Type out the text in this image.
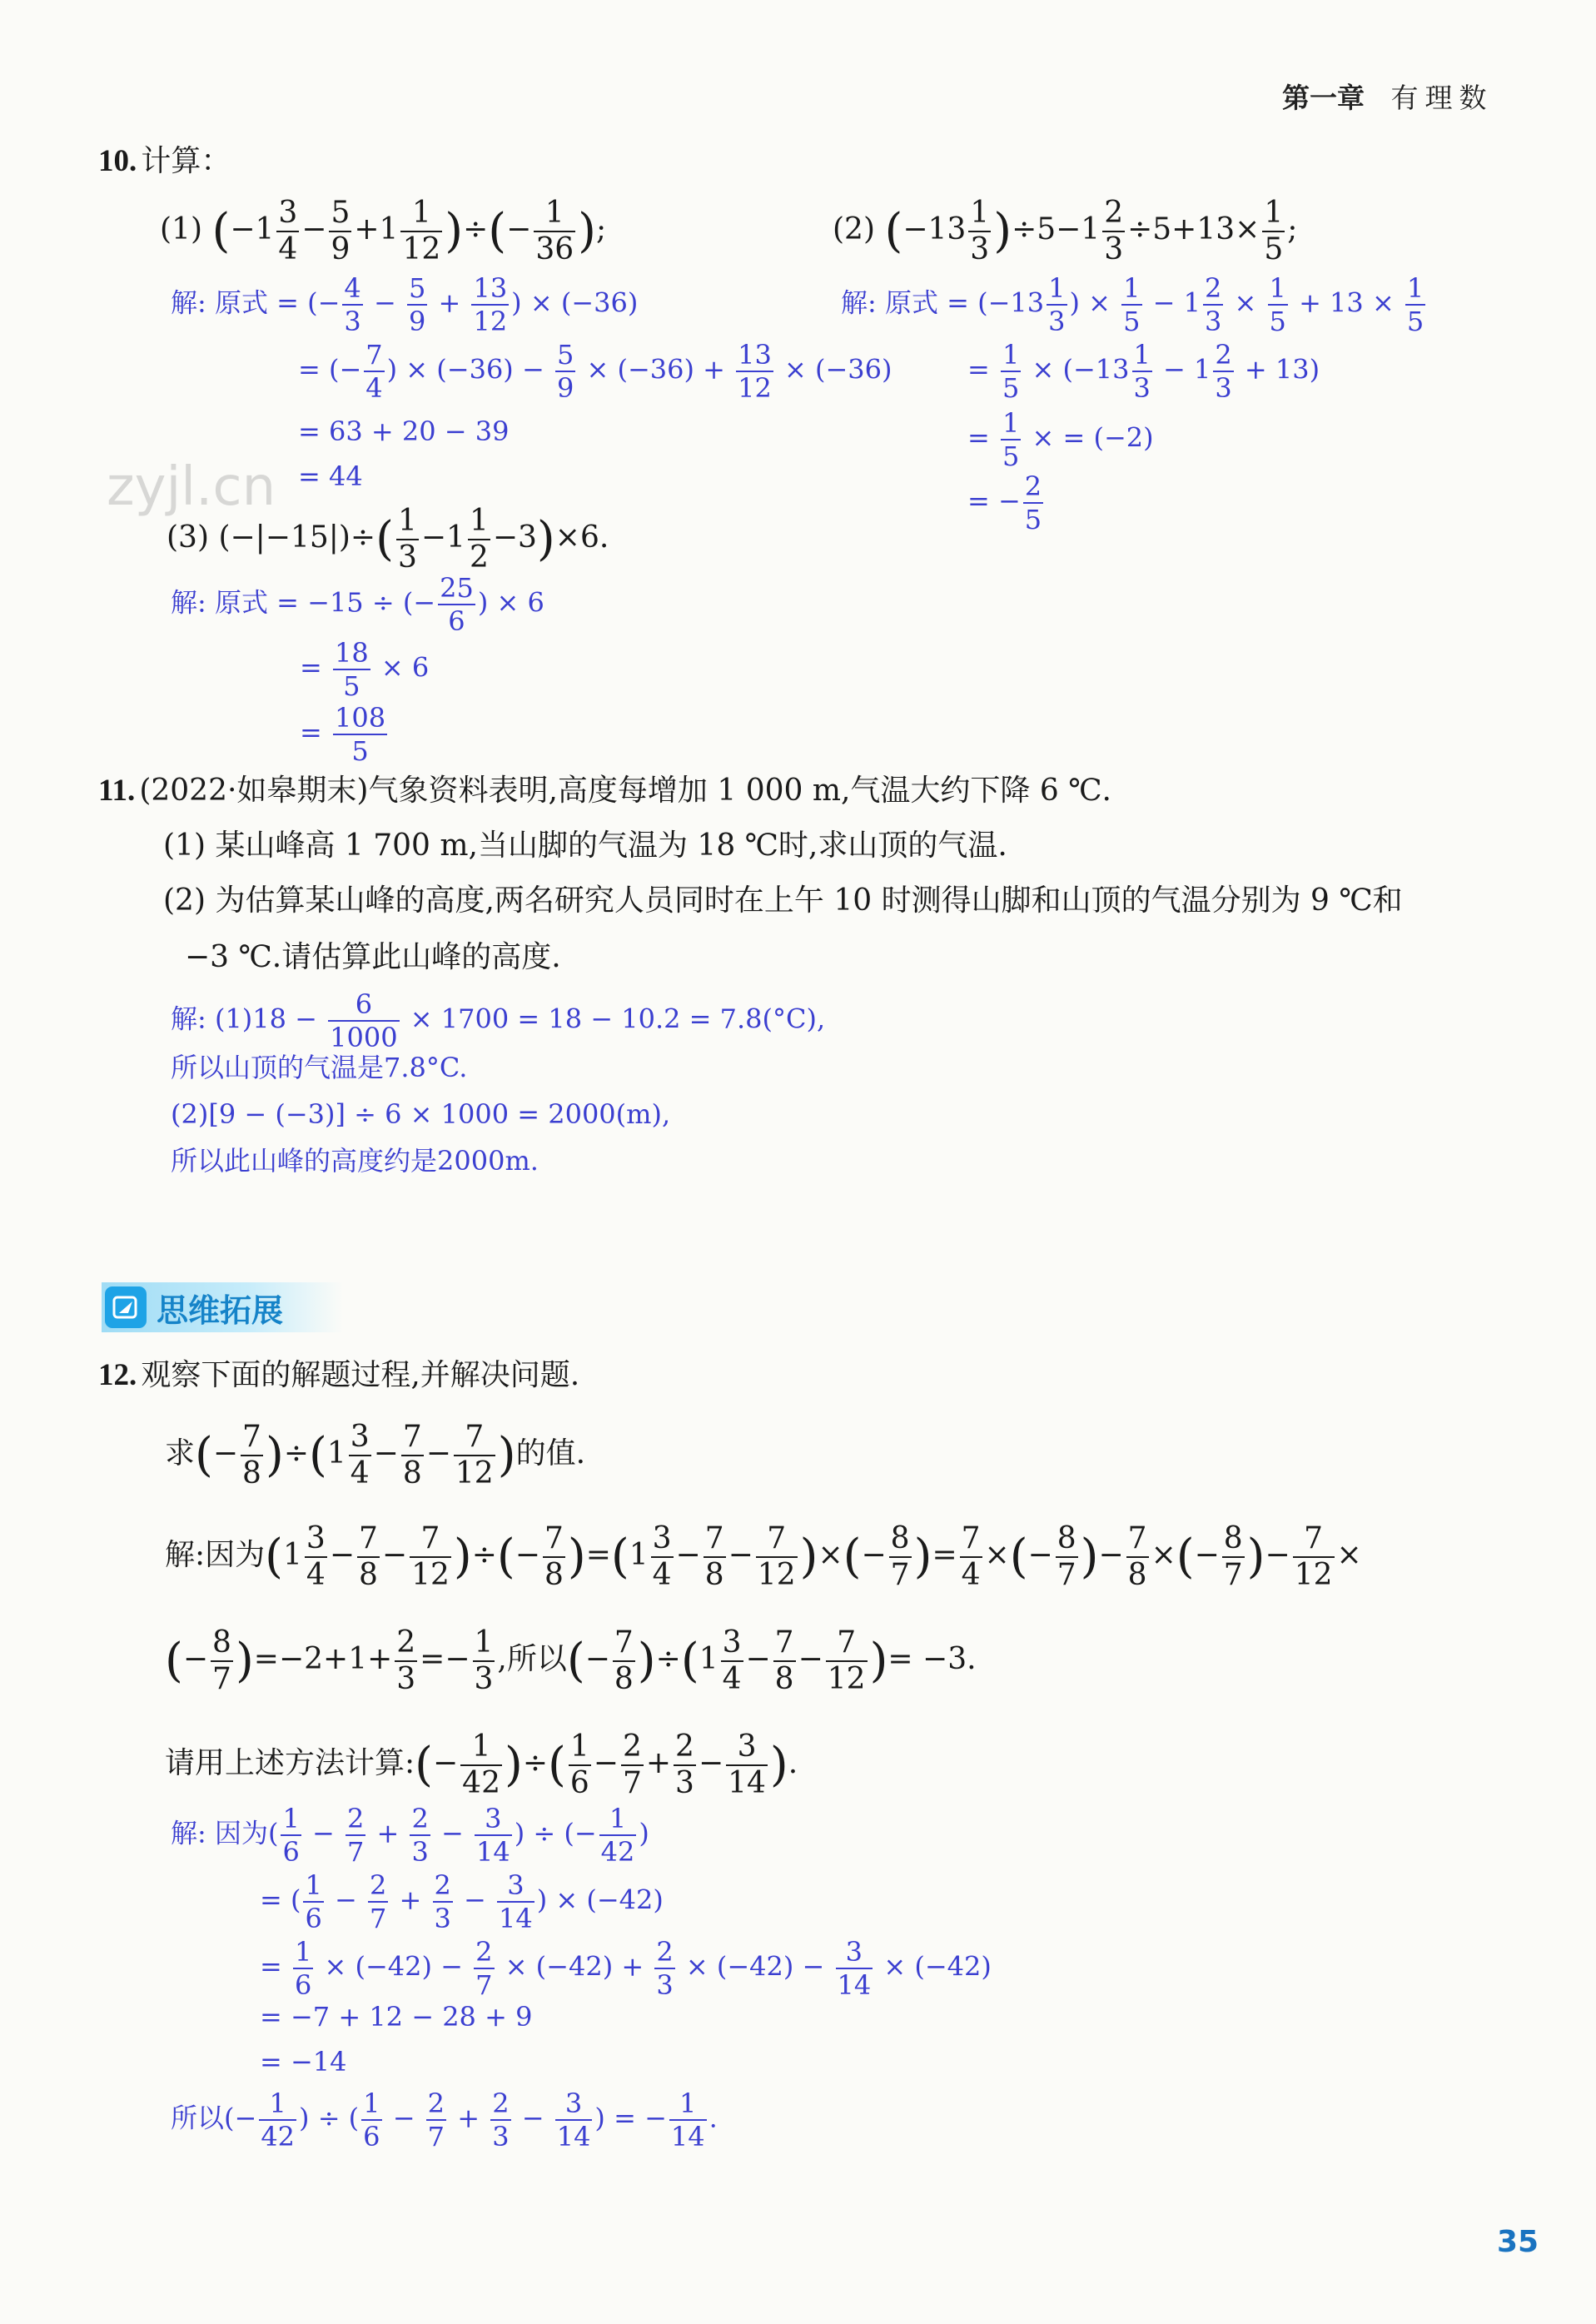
第一章 有理数
10. 计算：
(1) ($-1 \frac{3}{4} - \frac{5}{9} +1 \frac{1}{12}$ )÷(− $\frac{1}{36}$ );	(2) $(-13 \frac{1}{3} )\div 5-1 \frac{2}{3} \div 5+13\times \frac{1}{5}$ ;
解: 原式 = (− $\frac{4}{3} - \frac{5}{9} + \frac{13}{12}$ ) × (−36)
= (− $\frac{7}{4}$ ) × $(-36) - \frac{5}{9} \times (-36) + \frac{13}{12} \times (-36)$
= 63 + 20 − 39
= 44
解: 原式 = ($-13 \frac{1}{3}$ ) × $\frac{1}{5} - 1 \frac{2}{3} \times \frac{1}{5} + 13 \times \frac{1}{5}$
= $\frac{1}{5} \times (-13 \frac{1}{3} - 1 \frac{2}{3} + 13)$
= $\frac{1}{5}$ × = (−2)
= − $\frac{2}{5}$
zyjl.cn
(3) $(-|-15|)\div( \frac{1}{3} -1 \frac{1}{2} -3)\times 6$.
解: 原式 = −15 ÷ (− $\frac{25}{6}$ ) × 6
= $\frac{18}{5} \times 6$
= $\frac{108}{5}$
11. (2022·如皋期末)气象资料表明,高度每增加 1 000 m,气温大约下降 6 ℃.
(1) 某山峰高 1 700 m,当山脚的气温为 18 ℃时,求山顶的气温.
(2) 为估算某山峰的高度,两名研究人员同时在上午 10 时测得山脚和山顶的气温分别为 9 ℃和
−3 ℃.请估算此山峰的高度.
解: $(1)18 - \frac{6}{1000} \times 1700 = 18 - 10.2 = 7.8(^\circ C)$,
所以山顶的气温是7.8°C.
(2)[9 − (−3)] ÷ 6 × 1000 = 2000(m),
所以此山峰的高度约是2000m.
思维拓展
12. 观察下面的解题过程,并解决问题.
求(− $\frac{7}{8} )\div(1 \frac{3}{4} - \frac{7}{8} - \frac{7}{12}$ )的值.
解:因为($1 \frac{3}{4} - \frac{7}{8} - \frac{7}{12}$ )÷(− $\frac{7}{8} )=(1 \frac{3}{4} - \frac{7}{8} - \frac{7}{12}$ )×(− $\frac{8}{7}$ )= $\frac{7}{4}$ ×(− $\frac{8}{7}$ )− $\frac{7}{8}$ ×(− $\frac{8}{7}$ )− $\frac{7}{12}$ ×
(− $\frac{8}{7} )=-2+1+ \frac{2}{3} =- \frac{1}{3}$ ,所以(− $\frac{7}{8} )\div(1 \frac{3}{4} - \frac{7}{8} - \frac{7}{12}$ )= −3.
请用上述方法计算:(− $\frac{1}{42}$ )÷( $\frac{1}{6} - \frac{2}{7} + \frac{2}{3} - \frac{3}{14}$ ).
解: 因为( $\frac{1}{6} - \frac{2}{7} + \frac{2}{3} - \frac{3}{14}$ ) ÷ (− $\frac{1}{42}$ )
= ( $\frac{1}{6} - \frac{2}{7} + \frac{2}{3} - \frac{3}{14}$ ) × (−42)
= $\frac{1}{6} \times (-42) - \frac{2}{7} \times (-42) + \frac{2}{3} \times (-42) - \frac{3}{14} \times (-42)$
= −7 + 12 − 28 + 9
= −14
所以(− $\frac{1}{42}$ ) ÷ ( $\frac{1}{6} - \frac{2}{7} + \frac{2}{3} - \frac{3}{14}$ ) = − $\frac{1}{14}$ .
35
